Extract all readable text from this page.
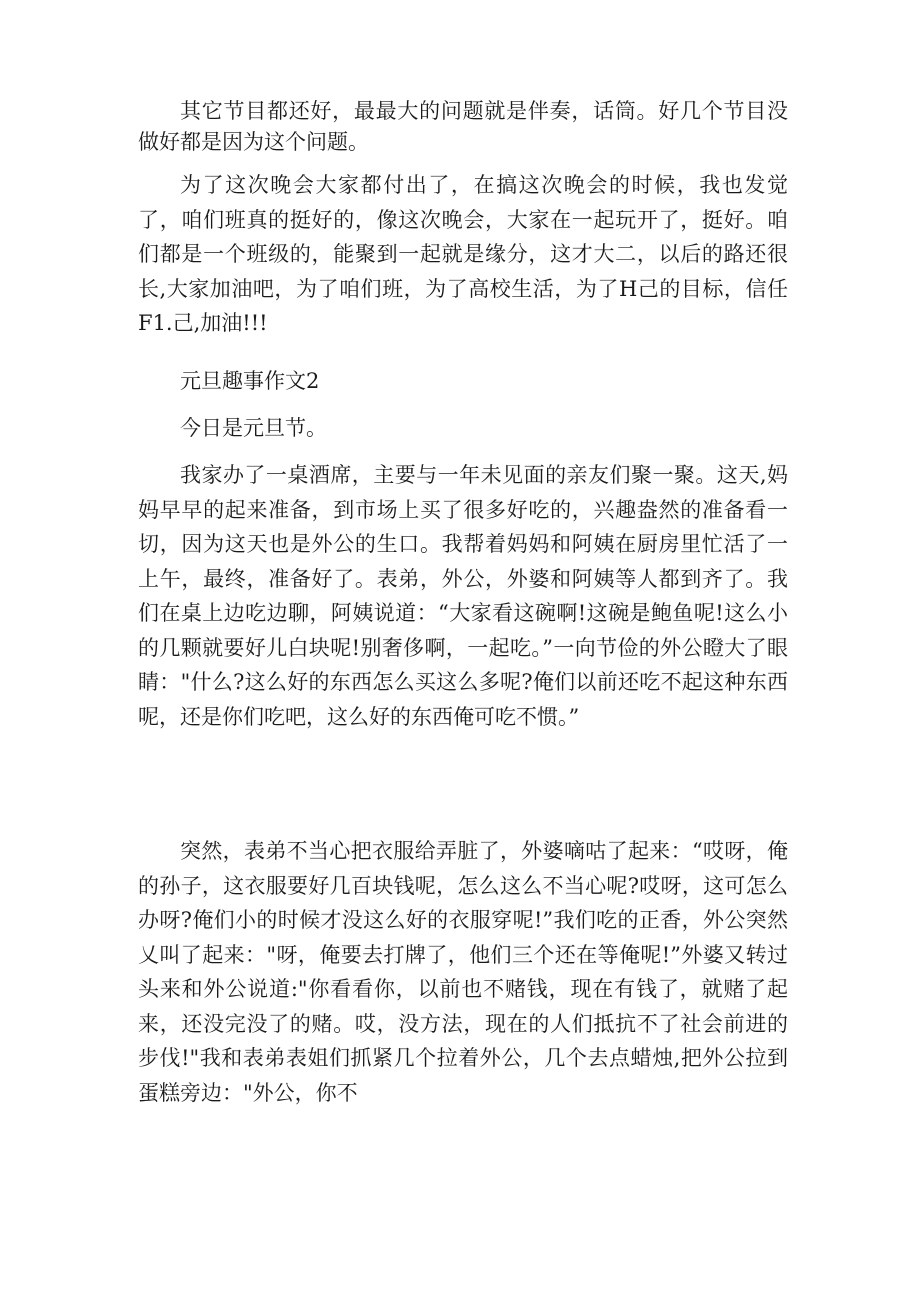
其它节目都还好，最最大的问题就是伴奏，话筒。好几个节目没做好都是因为这个问题。

为了这次晚会大家都付出了，在搞这次晚会的时候，我也发觉了，咱们班真的挺好的，像这次晚会，大家在一起玩开了，挺好。咱们都是一个班级的，能聚到一起就是缘分，这才大二，以后的路还很长,大家加油吧，为了咱们班，为了高校生活，为了H己的目标，信任F1.己,加油!!!

元旦趣事作文2

今日是元旦节。

我家办了一桌酒席，主要与一年未见面的亲友们聚一聚。这天,妈妈早早的起来准备，到市场上买了很多好吃的，兴趣盎然的准备看一切，因为这天也是外公的生口。我帮着妈妈和阿姨在厨房里忙活了一上午，最终，准备好了。表弟，外公，外婆和阿姨等人都到齐了。我们在桌上边吃边聊，阿姨说道：“大家看这碗啊!这碗是鲍鱼呢!这么小的几颗就要好儿白块呢!别奢侈啊，一起吃。”一向节俭的外公瞪大了眼睛："什么?这么好的东西怎么买这么多呢?俺们以前还吃不起这种东西呢，还是你们吃吧，这么好的东西俺可吃不惯。”

突然，表弟不当心把衣服给弄脏了，外婆嘀咕了起来：“哎呀，俺的孙子，这衣服要好几百块钱呢，怎么这么不当心呢?哎呀，这可怎么办呀?俺们小的时候才没这么好的衣服穿呢!”我们吃的正香，外公突然乂叫了起来："呀，俺要去打牌了，他们三个还在等俺呢!”外婆又转过头来和外公说道:"你看看你，以前也不赌钱，现在有钱了，就赌了起来，还没完没了的赌。哎，没方法，现在的人们抵抗不了社会前进的步伐!"我和表弟表姐们抓紧几个拉着外公，几个去点蜡烛,把外公拉到蛋糕旁边："外公，你不
